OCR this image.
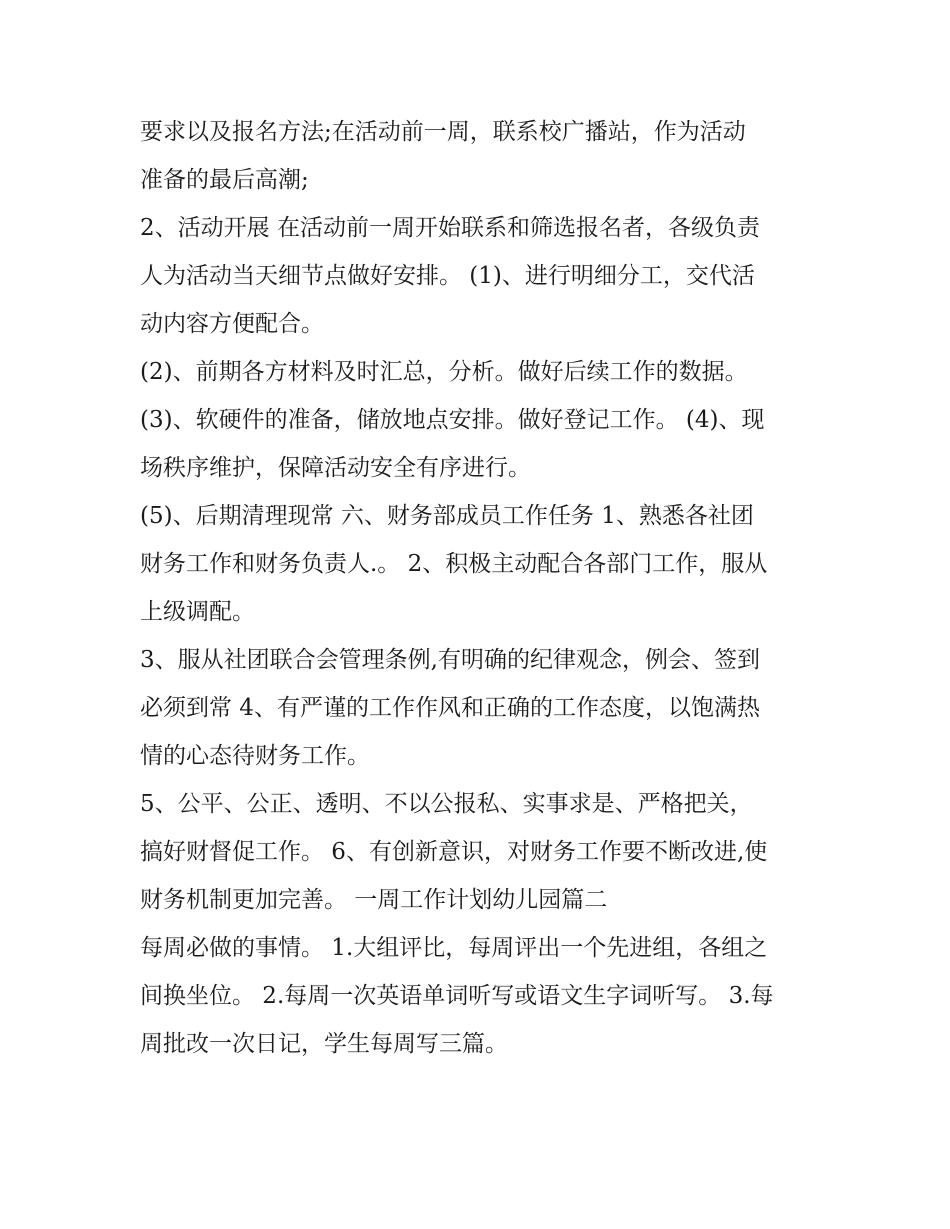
要求以及报名方法;在活动前一周，联系校广播站，作为活动
准备的最后高潮;
2、活动开展 在活动前一周开始联系和筛选报名者，各级负责
人为活动当天细节点做好安排。 (1)、进行明细分工，交代活
动内容方便配合。
(2)、前期各方材料及时汇总，分析。做好后续工作的数据。
(3)、软硬件的准备，储放地点安排。做好登记工作。 (4)、现
场秩序维护，保障活动安全有序进行。
(5)、后期清理现常 六、财务部成员工作任务 1、熟悉各社团
财务工作和财务负责人.。 2、积极主动配合各部门工作，服从
上级调配。
3、服从社团联合会管理条例,有明确的纪律观念，例会、签到
必须到常 4、有严谨的工作作风和正确的工作态度，以饱满热
情的心态待财务工作。
5、公平、公正、透明、不以公报私、实事求是、严格把关，
搞好财督促工作。 6、有创新意识，对财务工作要不断改进,使
财务机制更加完善。 一周工作计划幼儿园篇二
每周必做的事情。 1.大组评比，每周评出一个先进组，各组之
间换坐位。 2.每周一次英语单词听写或语文生字词听写。 3.每
周批改一次日记，学生每周写三篇。
